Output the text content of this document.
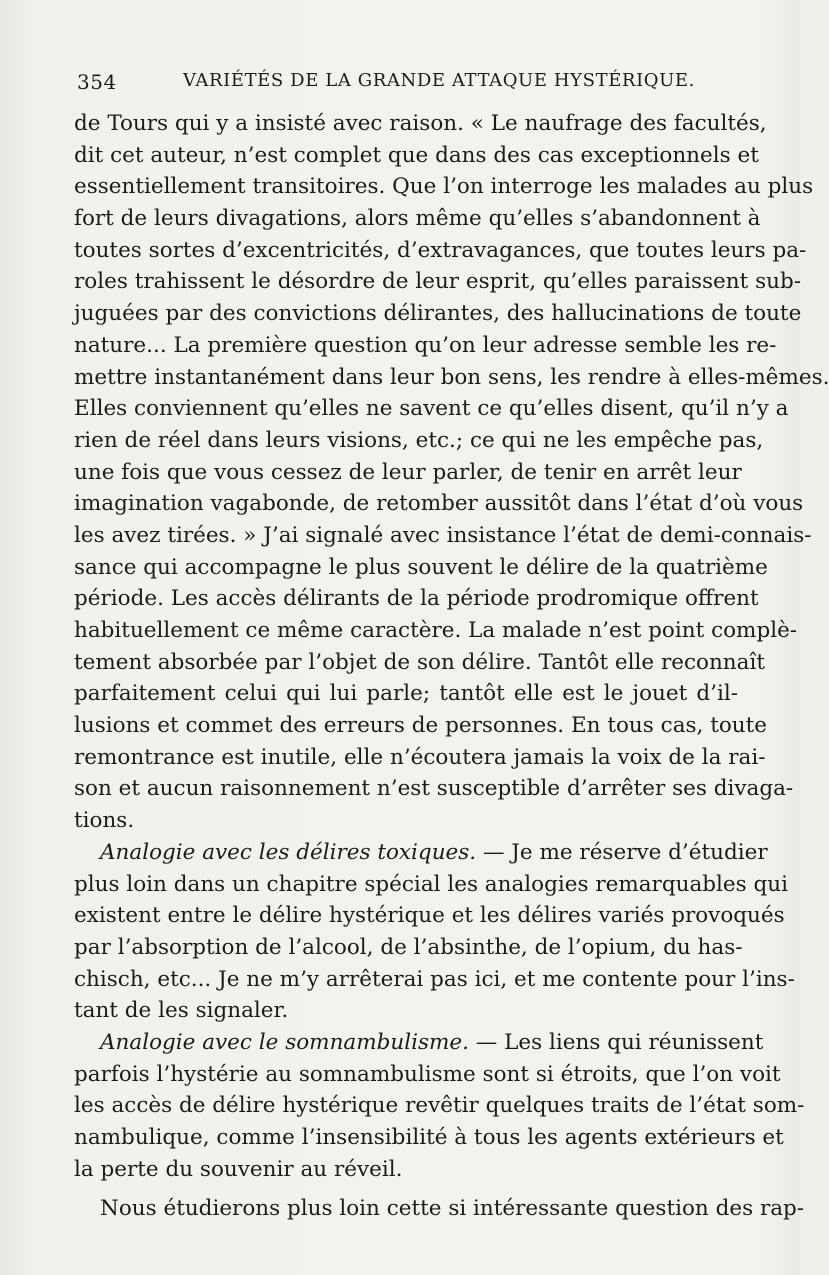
354	VARIÉTÉS DE LA GRANDE ATTAQUE HYSTÉRIQUE.
de Tours qui y a insisté avec raison. « Le naufrage des facultés,
dit cet auteur, n’est complet que dans des cas exceptionnels et
essentiellement transitoires. Que l’on interroge les malades au plus
fort de leurs divagations, alors même qu’elles s’abandonnent à
toutes sortes d’excentricités, d’extravagances, que toutes leurs pa-
roles trahissent le désordre de leur esprit, qu’elles paraissent sub-
juguées par des convictions délirantes, des hallucinations de toute
nature... La première question qu’on leur adresse semble les re-
mettre instantanément dans leur bon sens, les rendre à elles-mêmes.
Elles conviennent qu’elles ne savent ce qu’elles disent, qu’il n’y a
rien de réel dans leurs visions, etc.; ce qui ne les empêche pas,
une fois que vous cessez de leur parler, de tenir en arrêt leur
imagination vagabonde, de retomber aussitôt dans l’état d’où vous
les avez tirées. » J’ai signalé avec insistance l’état de demi-connais-
sance qui accompagne le plus souvent le délire de la quatrième
période. Les accès délirants de la période prodromique offrent
habituellement ce même caractère. La malade n’est point complè-
tement absorbée par l’objet de son délire. Tantôt elle reconnaît
parfaitement celui qui lui parle; tantôt elle est le jouet d’il-
lusions et commet des erreurs de personnes. En tous cas, toute
remontrance est inutile, elle n’écoutera jamais la voix de la rai-
son et aucun raisonnement n’est susceptible d’arrêter ses divaga-
tions.
Analogie avec les délires toxiques. — Je me réserve d’étudier
plus loin dans un chapitre spécial les analogies remarquables qui
existent entre le délire hystérique et les délires variés provoqués
par l’absorption de l’alcool, de l’absinthe, de l’opium, du has-
chisch, etc... Je ne m’y arrêterai pas ici, et me contente pour l’ins-
tant de les signaler.
Analogie avec le somnambulisme. — Les liens qui réunissent
parfois l’hystérie au somnambulisme sont si étroits, que l’on voit
les accès de délire hystérique revêtir quelques traits de l’état som-
nambulique, comme l’insensibilité à tous les agents extérieurs et
la perte du souvenir au réveil.
Nous étudierons plus loin cette si intéressante question des rap-
